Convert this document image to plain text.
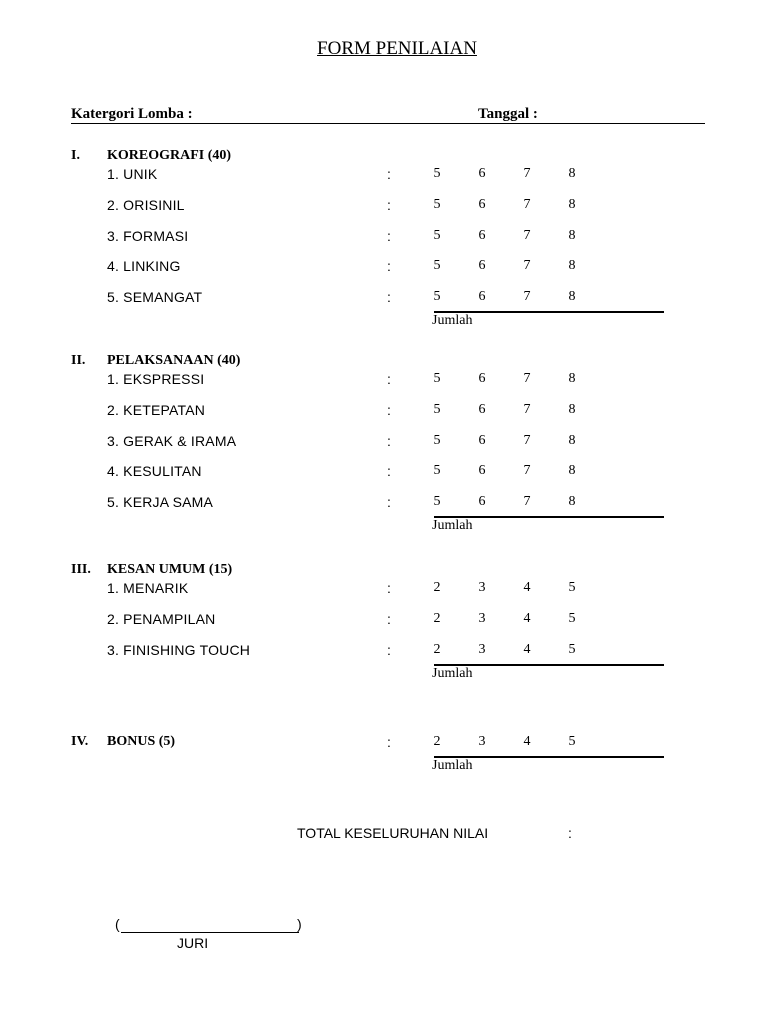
FORM PENILAIAN
Katergori Lomba :	Tanggal :
I. KOREOGRAFI (40)
1. UNIK	:	5	6	7	8
2. ORISINIL	:	5	6	7	8
3. FORMASI	:	5	6	7	8
4. LINKING	:	5	6	7	8
5. SEMANGAT	:	5	6	7	8
Jumlah
II. PELAKSANAAN (40)
1. EKSPRESSI	:	5	6	7	8
2. KETEPATAN	:	5	6	7	8
3. GERAK & IRAMA	:	5	6	7	8
4. KESULITAN	:	5	6	7	8
5. KERJA SAMA	:	5	6	7	8
Jumlah
III. KESAN UMUM (15)
1. MENARIK	:	2	3	4	5
2. PENAMPILAN	:	2	3	4	5
3. FINISHING TOUCH	:	2	3	4	5
Jumlah
IV. BONUS (5)	:	2	3	4	5
Jumlah
TOTAL KESELURUHAN NILAI	:
(	)
JURI
